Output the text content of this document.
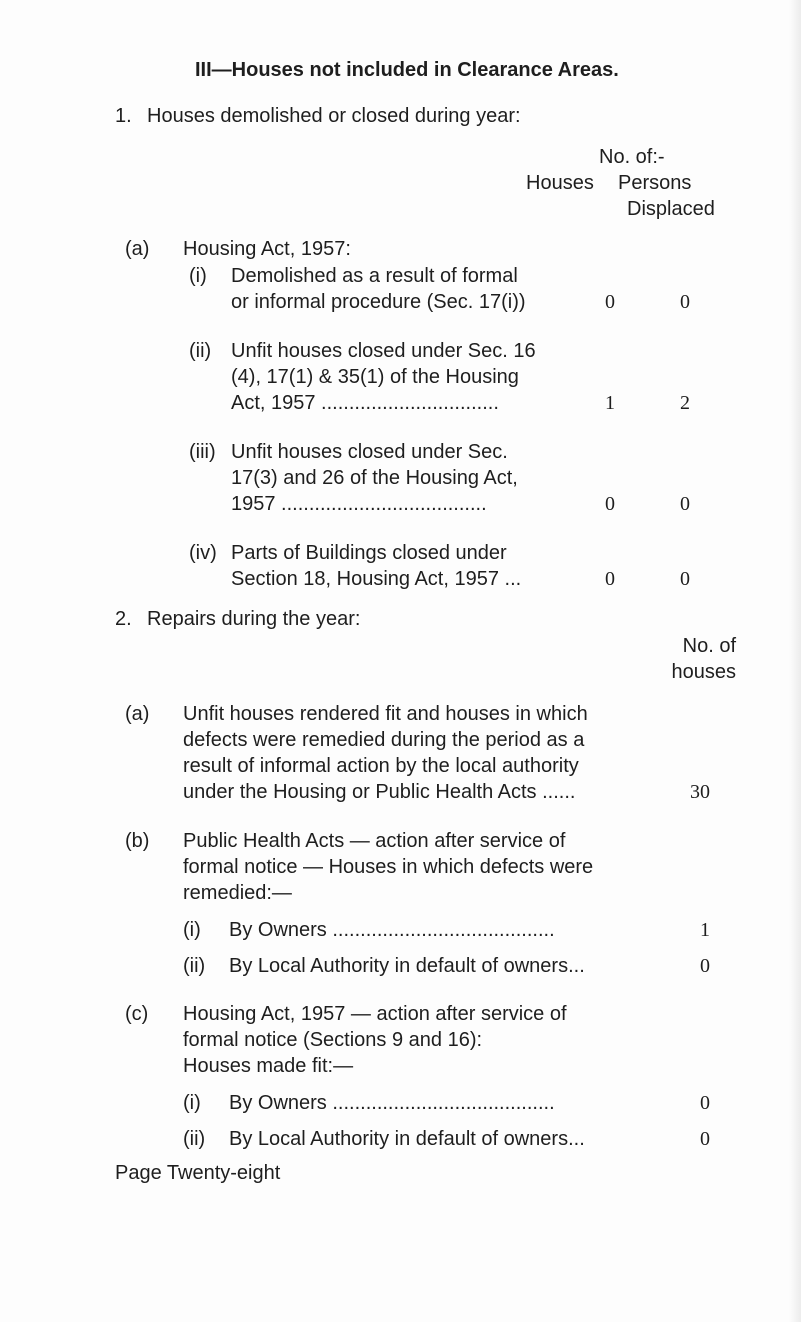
III—Houses not included in Clearance Areas.
1. Houses demolished or closed during year:
No. of:-
Houses Persons
Displaced
(a) Housing Act, 1957:
(i) Demolished as a result of formal
or informal procedure (Sec. 17(i))	0	0
(ii) Unfit houses closed under Sec. 16
(4), 17(1) & 35(1) of the Housing
Act, 1957 ................................	1	2
(iii) Unfit houses closed under Sec.
17(3) and 26 of the Housing Act,
1957 .....................................	0	0
(iv) Parts of Buildings closed under
Section 18, Housing Act, 1957 ...	0	0
2. Repairs during the year:
No. of
houses
(a) Unfit houses rendered fit and houses in which
defects were remedied during the period as a
result of informal action by the local authority
under the Housing or Public Health Acts ......	30
(b) Public Health Acts — action after service of
formal notice — Houses in which defects were
remedied:—
(i) By Owners ........................................	1
(ii) By Local Authority in default of owners...	0
(c) Housing Act, 1957 — action after service of
formal notice (Sections 9 and 16):
Houses made fit:—
(i) By Owners ........................................	0
(ii) By Local Authority in default of owners...	0
Page Twenty-eight
